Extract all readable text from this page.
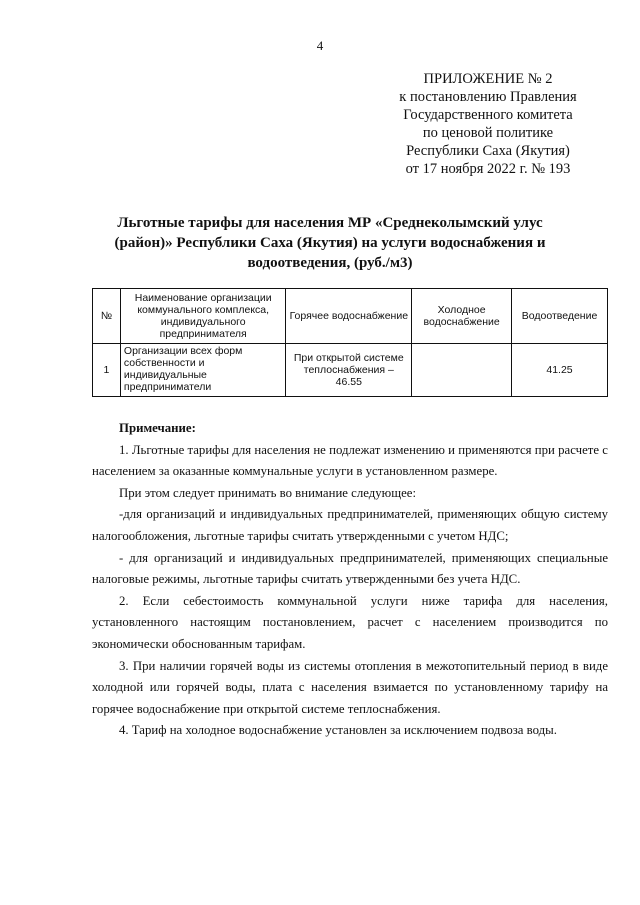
4
ПРИЛОЖЕНИЕ № 2
к постановлению Правления
Государственного комитета
по ценовой политике
Республики Саха (Якутия)
от 17 ноября 2022 г. № 193
Льготные тарифы для населения МР «Среднеколымский улус (район)» Республики Саха (Якутия) на услуги водоснабжения и водоотведения, (руб./м3)
№	Наименование организации коммунального комплекса, индивидуального предпринимателя	Горячее водоснабжение	Холодное водоснабжение	Водоотведение
1	Организации всех форм собственности и индивидуальные предприниматели	При открытой системе теплоснабжения – 46.55		41.25

Примечание:

1. Льготные тарифы для населения не подлежат изменению и применяются при расчете с населением за оказанные коммунальные услуги в установленном размере.

При этом следует принимать во внимание следующее:

-для организаций и индивидуальных предпринимателей, применяющих общую систему налогообложения, льготные тарифы считать утвержденными с учетом НДС;

- для организаций и индивидуальных предпринимателей, применяющих специальные налоговые режимы, льготные тарифы считать утвержденными без учета НДС.

2. Если себестоимость коммунальной услуги ниже тарифа для населения, установленного настоящим постановлением, расчет с населением производится по экономически обоснованным тарифам.

3. При наличии горячей воды из системы отопления в межотопительный период в виде холодной или горячей воды, плата с населения взимается по установленному тарифу на горячее водоснабжение при открытой системе теплоснабжения.

4. Тариф на холодное водоснабжение установлен за исключением подвоза воды.
